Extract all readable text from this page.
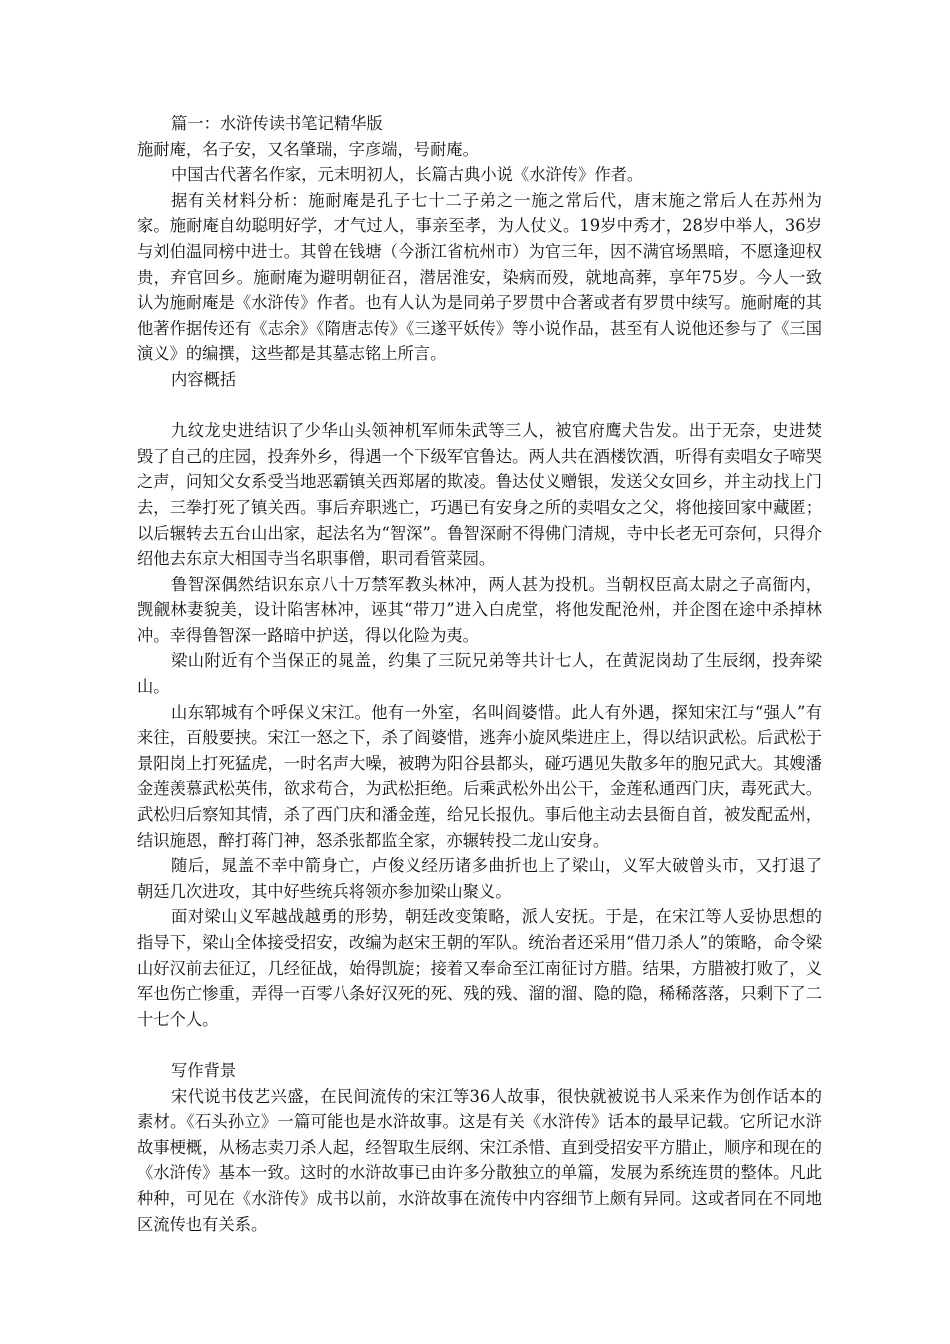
篇一：水浒传读书笔记精华版

施耐庵，名子安，又名肇瑞，字彦端，号耐庵。

中国古代著名作家，元末明初人，长篇古典小说《水浒传》作者。

据有关材料分析：施耐庵是孔子七十二子弟之一施之常后代，唐末施之常后人在苏州为家。施耐庵自幼聪明好学，才气过人，事亲至孝，为人仗义。19岁中秀才，28岁中举人，36岁与刘伯温同榜中进士。其曾在钱塘（今浙江省杭州市）为官三年，因不满官场黑暗，不愿逢迎权贵，弃官回乡。施耐庵为避明朝征召，潜居淮安，染病而殁，就地高葬，享年75岁。今人一致认为施耐庵是《水浒传》作者。也有人认为是同弟子罗贯中合著或者有罗贯中续写。施耐庵的其他著作据传还有《志余》《隋唐志传》《三遂平妖传》等小说作品，甚至有人说他还参与了《三国演义》的编撰，这些都是其墓志铭上所言。

内容概括

九纹龙史进结识了少华山头领神机军师朱武等三人，被官府鹰犬告发。出于无奈，史进焚毁了自己的庄园，投奔外乡，得遇一个下级军官鲁达。两人共在酒楼饮酒，听得有卖唱女子啼哭之声，问知父女系受当地恶霸镇关西郑屠的欺凌。鲁达仗义赠银，发送父女回乡，并主动找上门去，三拳打死了镇关西。事后弃职逃亡，巧遇已有安身之所的卖唱女之父，将他接回家中藏匿；以后辗转去五台山出家，起法名为“智深”。鲁智深耐不得佛门清规，寺中长老无可奈何，只得介绍他去东京大相国寺当名职事僧，职司看管菜园。

鲁智深偶然结识东京八十万禁军教头林冲，两人甚为投机。当朝权臣高太尉之子高衙内，觊觎林妻貌美，设计陷害林冲，诬其“带刀”进入白虎堂，将他发配沧州，并企图在途中杀掉林冲。幸得鲁智深一路暗中护送，得以化险为夷。

梁山附近有个当保正的晁盖，约集了三阮兄弟等共计七人，在黄泥岗劫了生辰纲，投奔梁山。

山东郓城有个呼保义宋江。他有一外室，名叫阎婆惜。此人有外遇，探知宋江与“强人”有来往，百般要挟。宋江一怒之下，杀了阎婆惜，逃奔小旋风柴进庄上，得以结识武松。后武松于景阳岗上打死猛虎，一时名声大噪，被聘为阳谷县都头，碰巧遇见失散多年的胞兄武大。其嫂潘金莲羡慕武松英伟，欲求苟合，为武松拒绝。后乘武松外出公干，金莲私通西门庆，毒死武大。武松归后察知其情，杀了西门庆和潘金莲，给兄长报仇。事后他主动去县衙自首，被发配孟州，结识施恩，醉打蒋门神，怒杀张都监全家，亦辗转投二龙山安身。

随后，晁盖不幸中箭身亡，卢俊义经历诸多曲折也上了梁山，义军大破曾头市，又打退了朝廷几次进攻，其中好些统兵将领亦参加梁山聚义。

面对梁山义军越战越勇的形势，朝廷改变策略，派人安抚。于是，在宋江等人妥协思想的指导下，梁山全体接受招安，改编为赵宋王朝的军队。统治者还采用“借刀杀人”的策略，命令梁山好汉前去征辽，几经征战，始得凯旋；接着又奉命至江南征讨方腊。结果，方腊被打败了，义军也伤亡惨重，弄得一百零八条好汉死的死、残的残、溜的溜、隐的隐，稀稀落落，只剩下了二十七个人。

写作背景

宋代说书伎艺兴盛，在民间流传的宋江等36人故事，很快就被说书人采来作为创作话本的素材。《石头孙立》一篇可能也是水浒故事。这是有关《水浒传》话本的最早记载。它所记水浒故事梗概，从杨志卖刀杀人起，经智取生辰纲、宋江杀惜、直到受招安平方腊止，顺序和现在的《水浒传》基本一致。这时的水浒故事已由许多分散独立的单篇，发展为系统连贯的整体。凡此种种，可见在《水浒传》成书以前，水浒故事在流传中内容细节上颇有异同。这或者同在不同地区流传也有关系。
